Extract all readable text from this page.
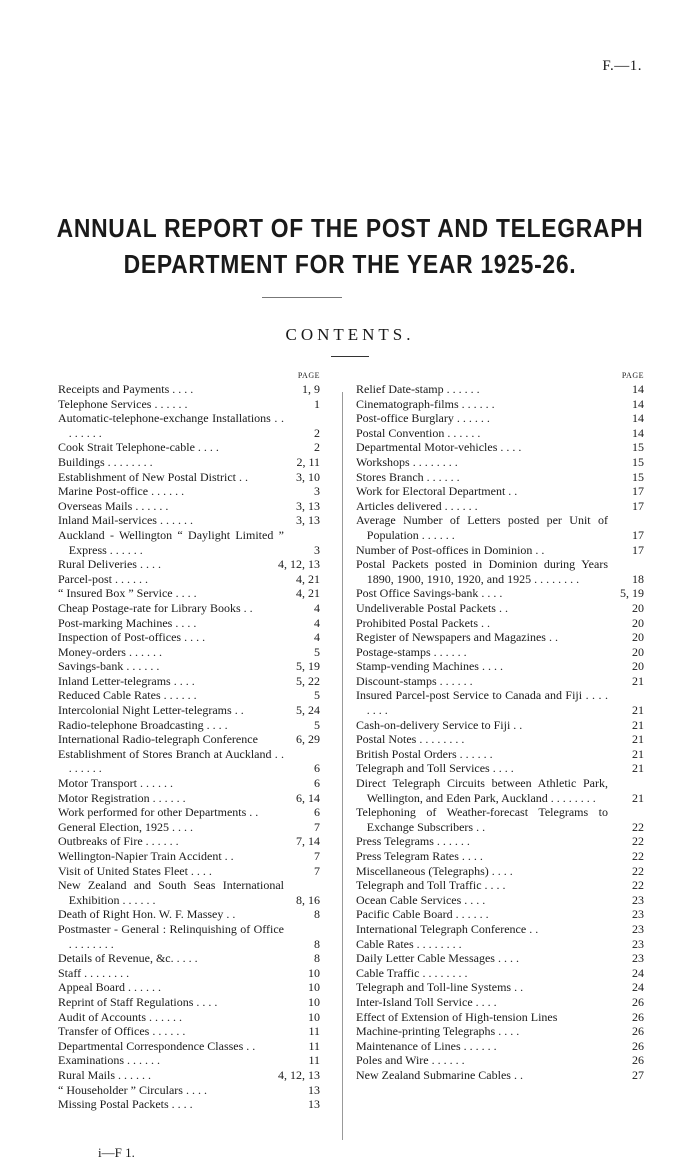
F.—1.
ANNUAL REPORT OF THE POST AND TELEGRAPH
DEPARTMENT FOR THE YEAR 1925-26.
CONTENTS.
PAGE
Receipts and Payments . . . .	1, 9
Telephone Services . . . . . .	1
Automatic-telephone-exchange Installations . . . . . . . .	2
Cook Strait Telephone-cable . . . .	2
Buildings . . . . . . . .	2, 11
Establishment of New Postal District . .	3, 10
Marine Post-office . . . . . .	3
Overseas Mails . . . . . .	3, 13
Inland Mail-services . . . . . .	3, 13
Auckland - Wellington “ Daylight Limited ” Express . . . . . .	3
Rural Deliveries . . . .	4, 12, 13
Parcel-post . . . . . .	4, 21
“ Insured Box ” Service . . . .	4, 21
Cheap Postage-rate for Library Books . .	4
Post-marking Machines . . . .	4
Inspection of Post-offices . . . .	4
Money-orders . . . . . .	5
Savings-bank . . . . . .	5, 19
Inland Letter-telegrams . . . .	5, 22
Reduced Cable Rates . . . . . .	5
Intercolonial Night Letter-telegrams . .	5, 24
Radio-telephone Broadcasting . . . .	5
International Radio-telegraph Conference	6, 29
Establishment of Stores Branch at Auckland . . . . . . . .	6
Motor Transport . . . . . .	6
Motor Registration . . . . . .	6, 14
Work performed for other Departments . .	6
General Election, 1925 . . . .	7
Outbreaks of Fire . . . . . .	7, 14
Wellington-Napier Train Accident . .	7
Visit of United States Fleet . . . .	7
New Zealand and South Seas International Exhibition . . . . . .	8, 16
Death of Right Hon. W. F. Massey . .	8
Postmaster - General : Relinquishing of Office . . . . . . . .	8
Details of Revenue, &c. . . . .	8
Staff . . . . . . . .	10
Appeal Board . . . . . .	10
Reprint of Staff Regulations . . . .	10
Audit of Accounts . . . . . .	10
Transfer of Offices . . . . . .	11
Departmental Correspondence Classes . .	11
Examinations . . . . . .	11
Rural Mails . . . . . .	4, 12, 13
“ Householder ” Circulars . . . .	13
Missing Postal Packets . . . .	13
PAGE
Relief Date-stamp . . . . . .	14
Cinematograph-films . . . . . .	14
Post-office Burglary . . . . . .	14
Postal Convention . . . . . .	14
Departmental Motor-vehicles . . . .	15
Workshops . . . . . . . .	15
Stores Branch . . . . . .	15
Work for Electoral Department . .	17
Articles delivered . . . . . .	17
Average Number of Letters posted per Unit of Population . . . . . .	17
Number of Post-offices in Dominion . .	17
Postal Packets posted in Dominion during Years 1890, 1900, 1910, 1920, and 1925 . . . . . . . .	18
Post Office Savings-bank . . . .	5, 19
Undeliverable Postal Packets . .	20
Prohibited Postal Packets . .	20
Register of Newspapers and Magazines . .	20
Postage-stamps . . . . . .	20
Stamp-vending Machines . . . .	20
Discount-stamps . . . . . .	21
Insured Parcel-post Service to Canada and Fiji . . . . . . . .	21
Cash-on-delivery Service to Fiji . .	21
Postal Notes . . . . . . . .	21
British Postal Orders . . . . . .	21
Telegraph and Toll Services . . . .	21
Direct Telegraph Circuits between Athletic Park, Wellington, and Eden Park, Auckland . . . . . . . .	21
Telephoning of Weather-forecast Telegrams to Exchange Subscribers . .	22
Press Telegrams . . . . . .	22
Press Telegram Rates . . . .	22
Miscellaneous (Telegraphs) . . . .	22
Telegraph and Toll Traffic . . . .	22
Ocean Cable Services . . . .	23
Pacific Cable Board . . . . . .	23
International Telegraph Conference . .	23
Cable Rates . . . . . . . .	23
Daily Letter Cable Messages . . . .	23
Cable Traffic . . . . . . . .	24
Telegraph and Toll-line Systems . .	24
Inter-Island Toll Service . . . .	26
Effect of Extension of High-tension Lines	26
Machine-printing Telegraphs . . . .	26
Maintenance of Lines . . . . . .	26
Poles and Wire . . . . . .	26
New Zealand Submarine Cables . .	27
i—F 1.
